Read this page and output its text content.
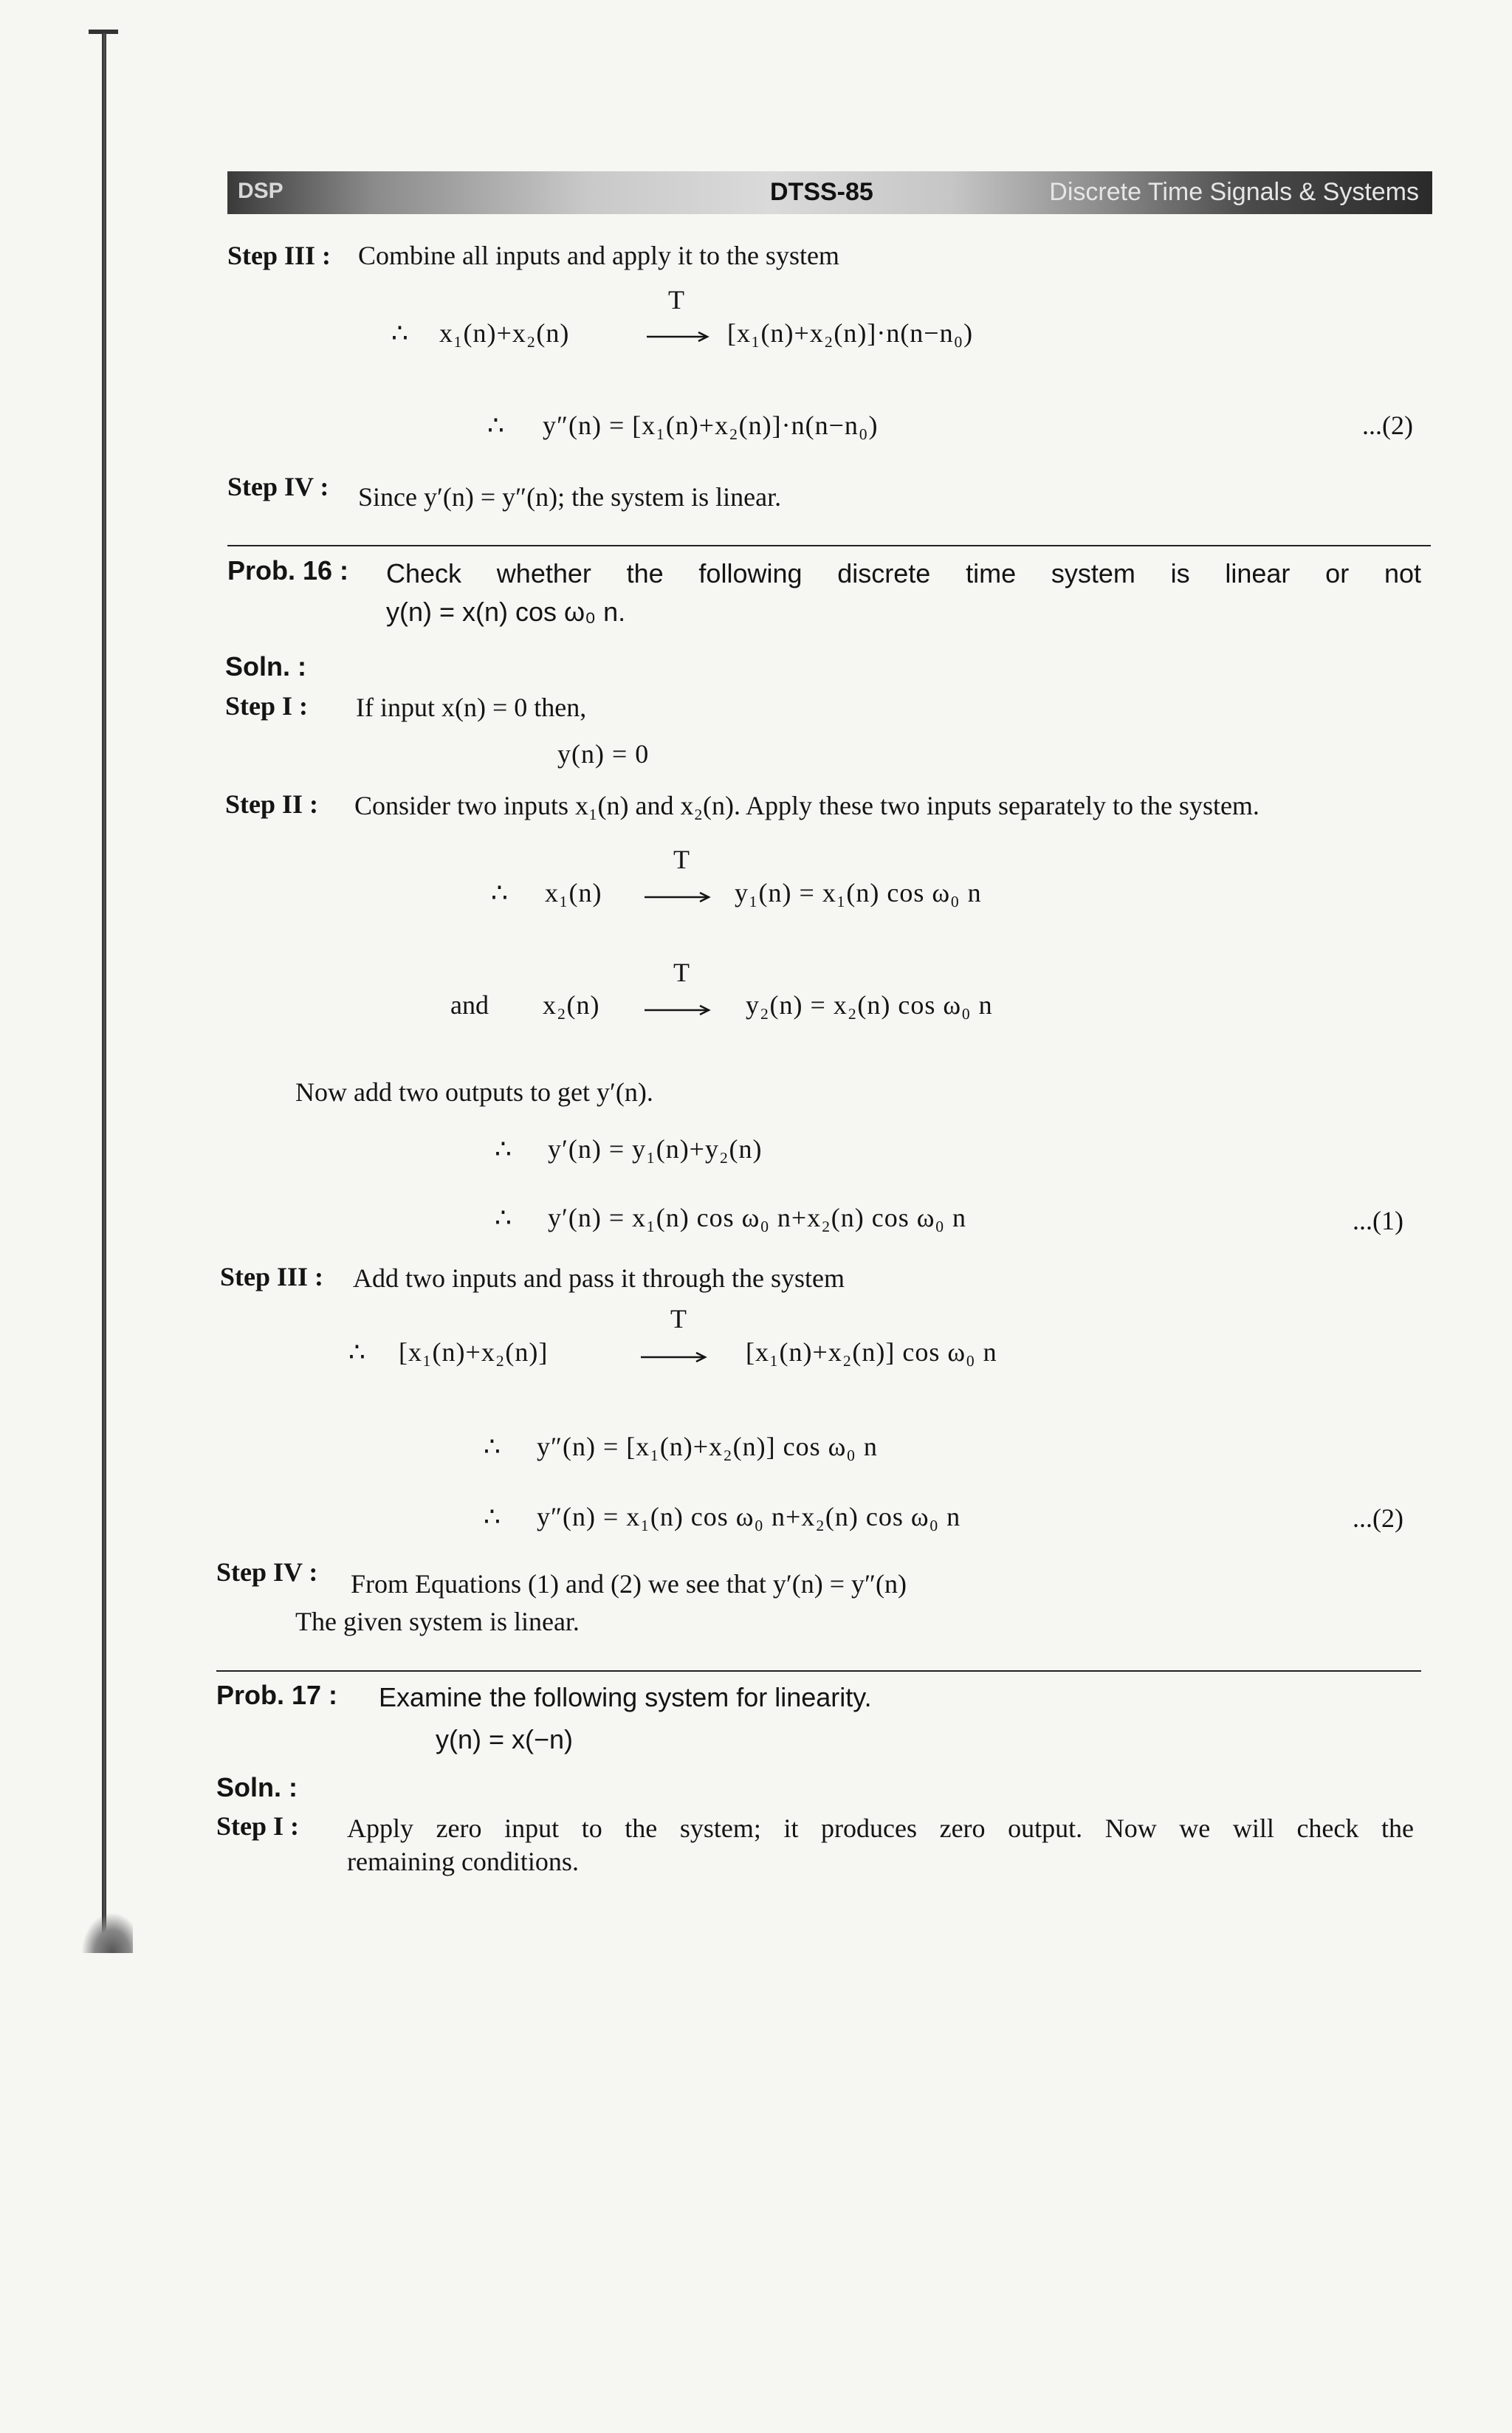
DSP	DTSS-85	Discrete Time Signals & Systems
Step III : Combine all inputs and apply it to the system
T
∴ x₁(n)+x₂(n)	[x₁(n)+x₂(n)]·n(n−n₀)
∴ y″(n) = [x₁(n)+x₂(n)]·n(n−n₀)	...(2)
Step IV : Since y′(n) = y″(n); the system is linear.
Prob. 16 : Check whether the following discrete time system is linear or not
y(n) = x(n) cos ω₀ n.
Soln. :
Step I : If input x(n) = 0 then,
y(n) = 0
Step II : Consider two inputs x₁(n) and x₂(n). Apply these two inputs separately to the system.
T
∴ x₁(n)	y₁(n) = x₁(n) cos ω₀ n
T
and x₂(n)	y₂(n) = x₂(n) cos ω₀ n
Now add two outputs to get y′(n).
∴ y′(n) = y₁(n)+y₂(n)
∴ y′(n) = x₁(n) cos ω₀ n+x₂(n) cos ω₀ n	...(1)
Step III : Add two inputs and pass it through the system
T
∴ [x₁(n)+x₂(n)]	[x₁(n)+x₂(n)] cos ω₀ n
∴ y″(n) = [x₁(n)+x₂(n)] cos ω₀ n
∴ y″(n) = x₁(n) cos ω₀ n+x₂(n) cos ω₀ n	...(2)
Step IV : From Equations (1) and (2) we see that y′(n) = y″(n)
The given system is linear.
Prob. 17 : Examine the following system for linearity.
y(n) = x(−n)
Soln. :
Step I : Apply zero input to the system; it produces zero output. Now we will check the
remaining conditions.
